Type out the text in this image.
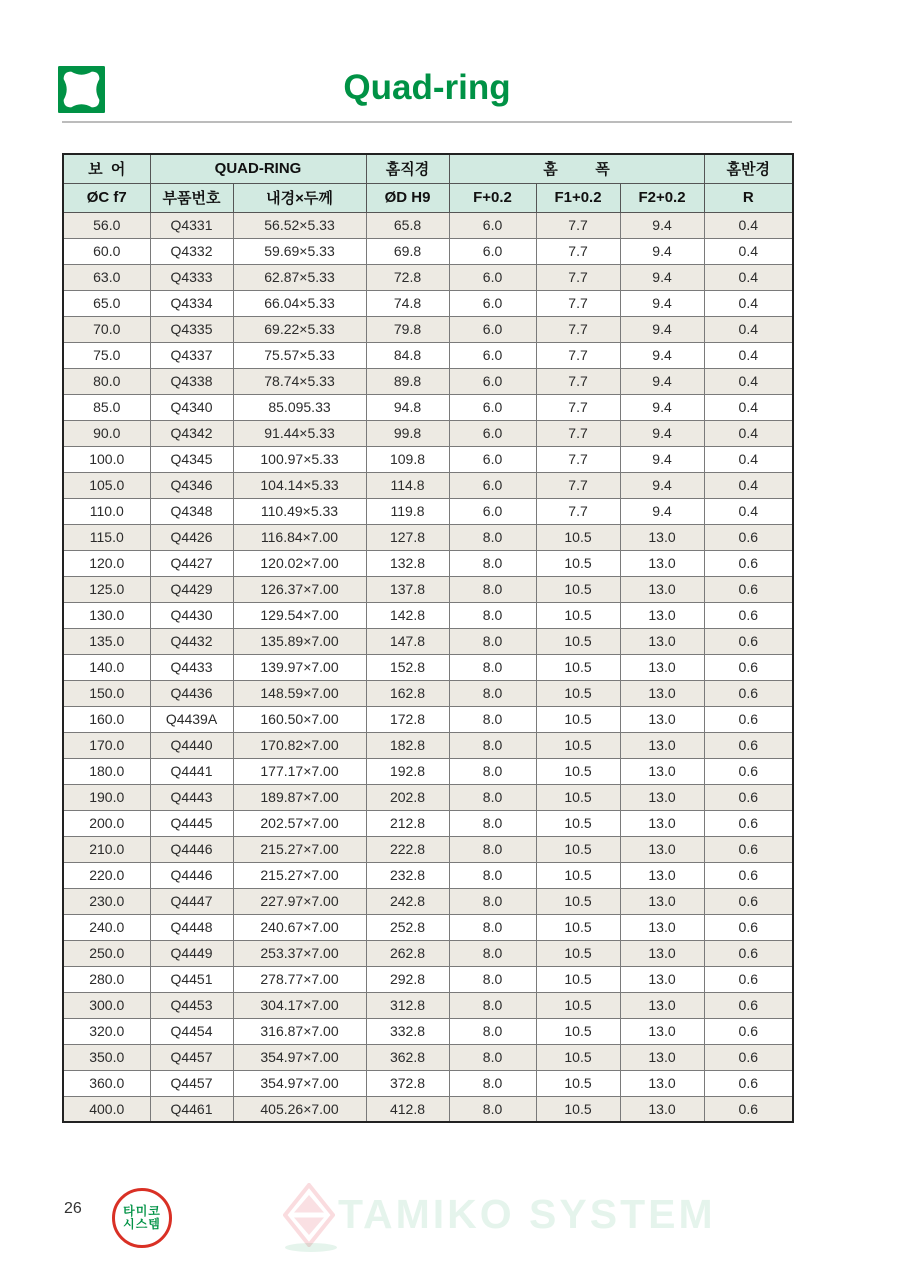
Quad-ring
보  어	QUAD-RING		홈직경	홈         폭			홈반경
ØC f7	부품번호	내경×두께	ØD H9	F+0.2	F1+0.2	F2+0.2	R
56.0	Q4331	56.52×5.33	65.8	6.0	7.7	9.4	0.4
60.0	Q4332	59.69×5.33	69.8	6.0	7.7	9.4	0.4
63.0	Q4333	62.87×5.33	72.8	6.0	7.7	9.4	0.4
65.0	Q4334	66.04×5.33	74.8	6.0	7.7	9.4	0.4
70.0	Q4335	69.22×5.33	79.8	6.0	7.7	9.4	0.4
75.0	Q4337	75.57×5.33	84.8	6.0	7.7	9.4	0.4
80.0	Q4338	78.74×5.33	89.8	6.0	7.7	9.4	0.4
85.0	Q4340	85.095.33	94.8	6.0	7.7	9.4	0.4
90.0	Q4342	91.44×5.33	99.8	6.0	7.7	9.4	0.4
100.0	Q4345	100.97×5.33	109.8	6.0	7.7	9.4	0.4
105.0	Q4346	104.14×5.33	114.8	6.0	7.7	9.4	0.4
110.0	Q4348	110.49×5.33	119.8	6.0	7.7	9.4	0.4
115.0	Q4426	116.84×7.00	127.8	8.0	10.5	13.0	0.6
120.0	Q4427	120.02×7.00	132.8	8.0	10.5	13.0	0.6
125.0	Q4429	126.37×7.00	137.8	8.0	10.5	13.0	0.6
130.0	Q4430	129.54×7.00	142.8	8.0	10.5	13.0	0.6
135.0	Q4432	135.89×7.00	147.8	8.0	10.5	13.0	0.6
140.0	Q4433	139.97×7.00	152.8	8.0	10.5	13.0	0.6
150.0	Q4436	148.59×7.00	162.8	8.0	10.5	13.0	0.6
160.0	Q4439A	160.50×7.00	172.8	8.0	10.5	13.0	0.6
170.0	Q4440	170.82×7.00	182.8	8.0	10.5	13.0	0.6
180.0	Q4441	177.17×7.00	192.8	8.0	10.5	13.0	0.6
190.0	Q4443	189.87×7.00	202.8	8.0	10.5	13.0	0.6
200.0	Q4445	202.57×7.00	212.8	8.0	10.5	13.0	0.6
210.0	Q4446	215.27×7.00	222.8	8.0	10.5	13.0	0.6
220.0	Q4446	215.27×7.00	232.8	8.0	10.5	13.0	0.6
230.0	Q4447	227.97×7.00	242.8	8.0	10.5	13.0	0.6
240.0	Q4448	240.67×7.00	252.8	8.0	10.5	13.0	0.6
250.0	Q4449	253.37×7.00	262.8	8.0	10.5	13.0	0.6
280.0	Q4451	278.77×7.00	292.8	8.0	10.5	13.0	0.6
300.0	Q4453	304.17×7.00	312.8	8.0	10.5	13.0	0.6
320.0	Q4454	316.87×7.00	332.8	8.0	10.5	13.0	0.6
350.0	Q4457	354.97×7.00	362.8	8.0	10.5	13.0	0.6
360.0	Q4457	354.97×7.00	372.8	8.0	10.5	13.0	0.6
400.0	Q4461	405.26×7.00	412.8	8.0	10.5	13.0	0.6
26	타미코
시스템	TAMIKO SYSTEM
